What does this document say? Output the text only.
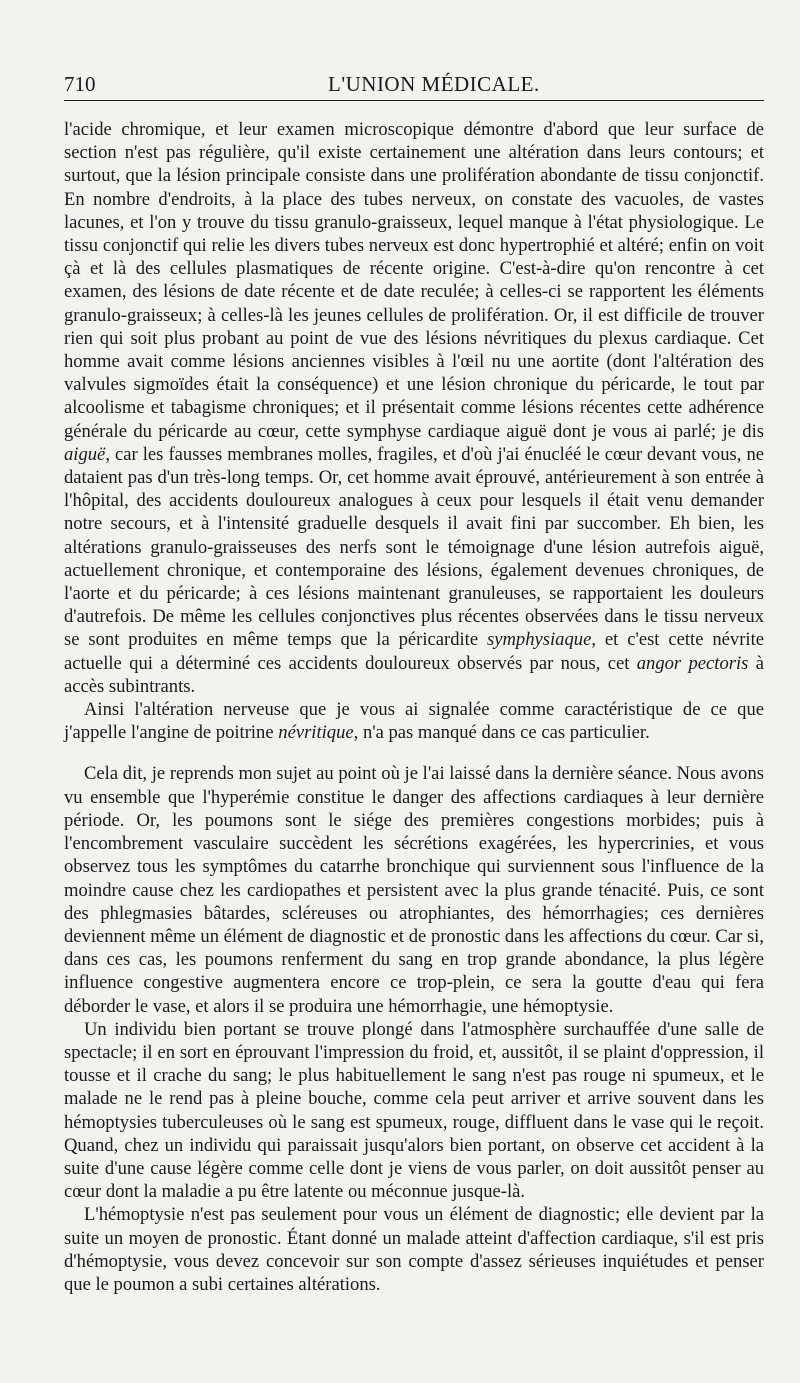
710	L'UNION MÉDICALE.

l'acide chromique, et leur examen microscopique démontre d'abord que leur surface de section n'est pas régulière, qu'il existe certainement une altération dans leurs contours; et surtout, que la lésion principale consiste dans une prolifération abondante de tissu conjonctif. En nombre d'endroits, à la place des tubes nerveux, on constate des vacuoles, de vastes lacunes, et l'on y trouve du tissu granulo-graisseux, lequel manque à l'état physiologique. Le tissu conjonctif qui relie les divers tubes nerveux est donc hypertrophié et altéré; enfin on voit çà et là des cellules plasmatiques de récente origine. C'est-à-dire qu'on rencontre à cet examen, des lésions de date récente et de date reculée; à celles-ci se rapportent les éléments granulo-graisseux; à celles-là les jeunes cellules de prolifération. Or, il est difficile de trouver rien qui soit plus probant au point de vue des lésions névritiques du plexus cardiaque. Cet homme avait comme lésions anciennes visibles à l'œil nu une aortite (dont l'altération des valvules sigmoïdes était la conséquence) et une lésion chronique du péricarde, le tout par alcoolisme et tabagisme chroniques; et il présentait comme lésions récentes cette adhérence générale du péricarde au cœur, cette symphyse cardiaque aiguë dont je vous ai parlé; je dis aiguë, car les fausses membranes molles, fragiles, et d'où j'ai énucléé le cœur devant vous, ne dataient pas d'un très-long temps. Or, cet homme avait éprouvé, antérieurement à son entrée à l'hôpital, des accidents douloureux analogues à ceux pour lesquels il était venu demander notre secours, et à l'intensité graduelle desquels il avait fini par succomber. Eh bien, les altérations granulo-graisseuses des nerfs sont le témoignage d'une lésion autrefois aiguë, actuellement chronique, et contemporaine des lésions, également devenues chroniques, de l'aorte et du péricarde; à ces lésions maintenant granuleuses, se rapportaient les douleurs d'autrefois. De même les cellules conjonctives plus récentes observées dans le tissu nerveux se sont produites en même temps que la péricardite symphysiaque, et c'est cette névrite actuelle qui a déterminé ces accidents douloureux observés par nous, cet angor pectoris à accès subintrants.

Ainsi l'altération nerveuse que je vous ai signalée comme caractéristique de ce que j'appelle l'angine de poitrine névritique, n'a pas manqué dans ce cas particulier.

Cela dit, je reprends mon sujet au point où je l'ai laissé dans la dernière séance. Nous avons vu ensemble que l'hyperémie constitue le danger des affections cardiaques à leur dernière période. Or, les poumons sont le siége des premières congestions morbides; puis à l'encombrement vasculaire succèdent les sécrétions exagérées, les hypercrinies, et vous observez tous les symptômes du catarrhe bronchique qui surviennent sous l'influence de la moindre cause chez les cardiopathes et persistent avec la plus grande ténacité. Puis, ce sont des phlegmasies bâtardes, scléreuses ou atrophiantes, des hémorrhagies; ces dernières deviennent même un élément de diagnostic et de pronostic dans les affections du cœur. Car si, dans ces cas, les poumons renferment du sang en trop grande abondance, la plus légère influence congestive augmentera encore ce trop-plein, ce sera la goutte d'eau qui fera déborder le vase, et alors il se produira une hémorrhagie, une hémoptysie.

Un individu bien portant se trouve plongé dans l'atmosphère surchauffée d'une salle de spectacle; il en sort en éprouvant l'impression du froid, et, aussitôt, il se plaint d'oppression, il tousse et il crache du sang; le plus habituellement le sang n'est pas rouge ni spumeux, et le malade ne le rend pas à pleine bouche, comme cela peut arriver et arrive souvent dans les hémoptysies tuberculeuses où le sang est spumeux, rouge, diffluent dans le vase qui le reçoit. Quand, chez un individu qui paraissait jusqu'alors bien portant, on observe cet accident à la suite d'une cause légère comme celle dont je viens de vous parler, on doit aussitôt penser au cœur dont la maladie a pu être latente ou méconnue jusque-là.

L'hémoptysie n'est pas seulement pour vous un élément de diagnostic; elle devient par la suite un moyen de pronostic. Étant donné un malade atteint d'affection cardiaque, s'il est pris d'hémoptysie, vous devez concevoir sur son compte d'assez sérieuses inquiétudes et penser que le poumon a subi certaines altérations.
